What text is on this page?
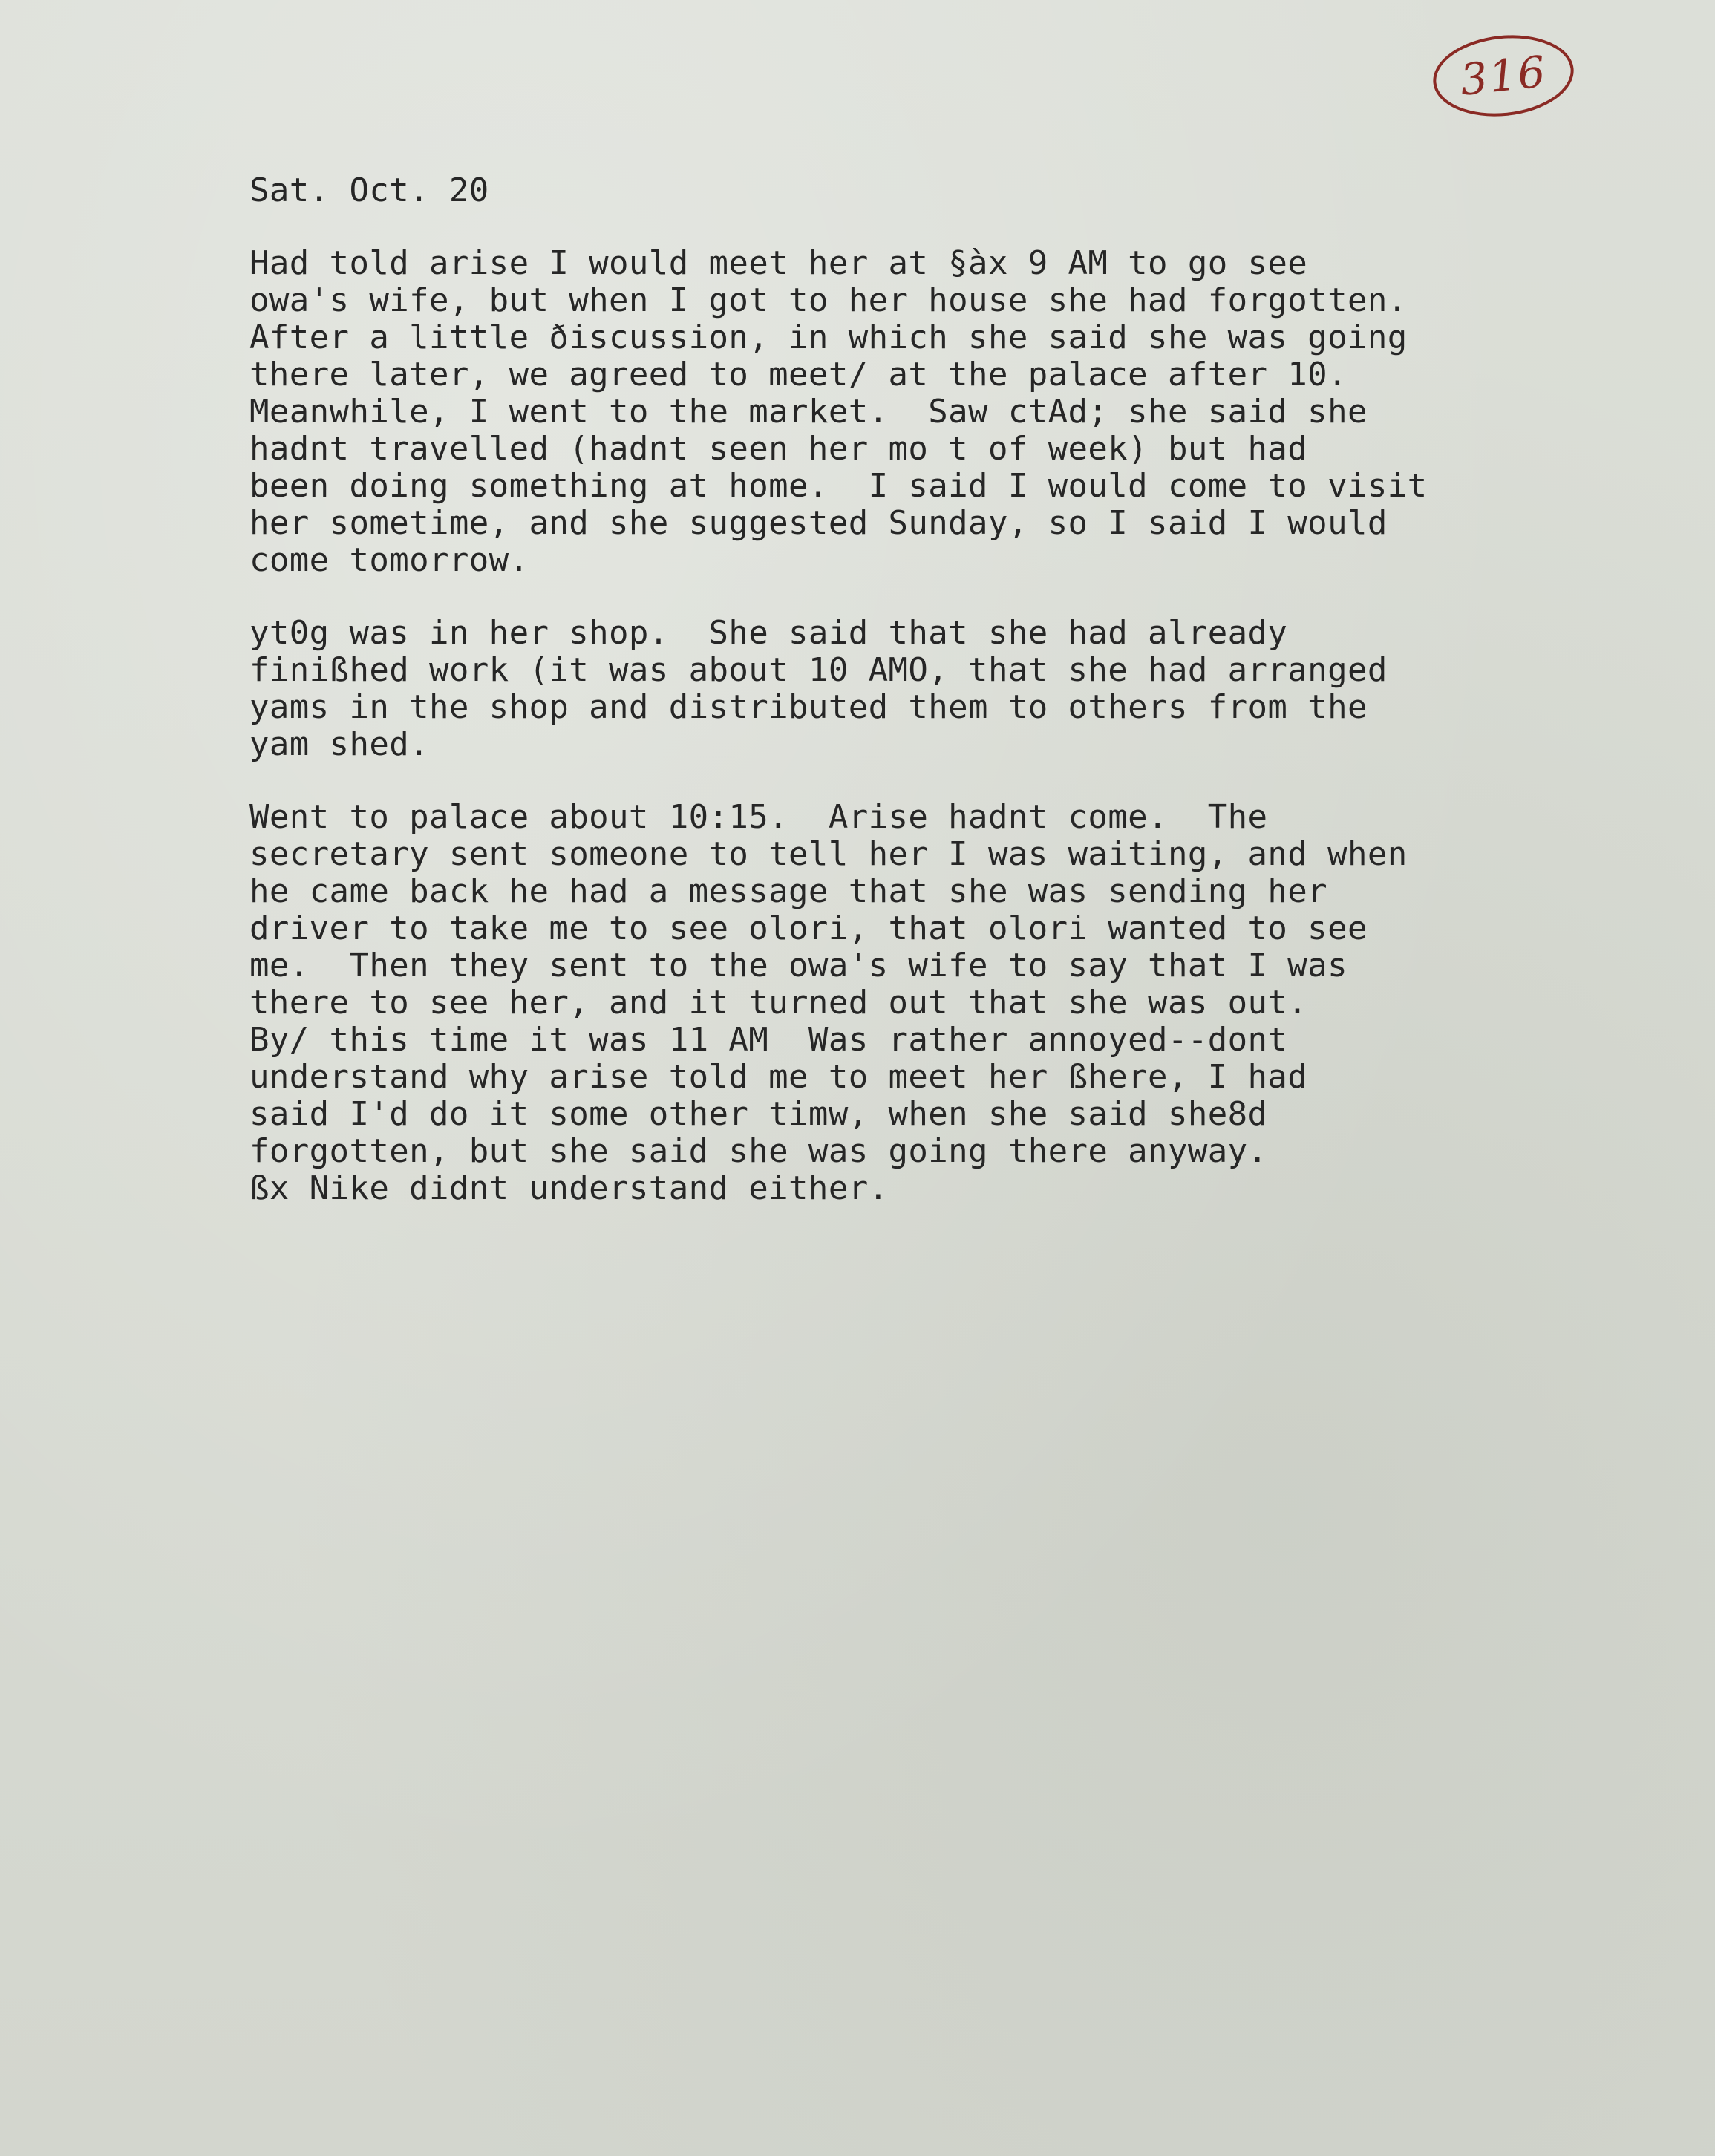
316
Sat. Oct. 20
Had told arise I would meet her at §àx 9 AM to go see
owa's wife, but when I got to her house she had forgotten.
After a little ðiscussion, in which she said she was going
there later, we agreed to meet/ at the palace after 10.
Meanwhile, I went to the market.  Saw ctAd; she said she
hadnt travelled (hadnt seen her mo t of week) but had
been doing something at home.  I said I would come to visit
her sometime, and she suggested Sunday, so I said I would
come tomorrow.
yt0g was in her shop.  She said that she had already
finißhed work (it was about 10 AMO, that she had arranged
yams in the shop and distributed them to others from the
yam shed.
Went to palace about 10:15.  Arise hadnt come.  The
secretary sent someone to tell her I was waiting, and when
he came back he had a message that she was sending her
driver to take me to see olori, that olori wanted to see
me.  Then they sent to the owa's wife to say that I was
there to see her, and it turned out that she was out.
By/ this time it was 11 AM  Was rather annoyed--dont
understand why arise told me to meet her ßhere, I had
said I'd do it some other timw, when she said she8d
forgotten, but she said she was going there anyway.
ßx Nike didnt understand either.
